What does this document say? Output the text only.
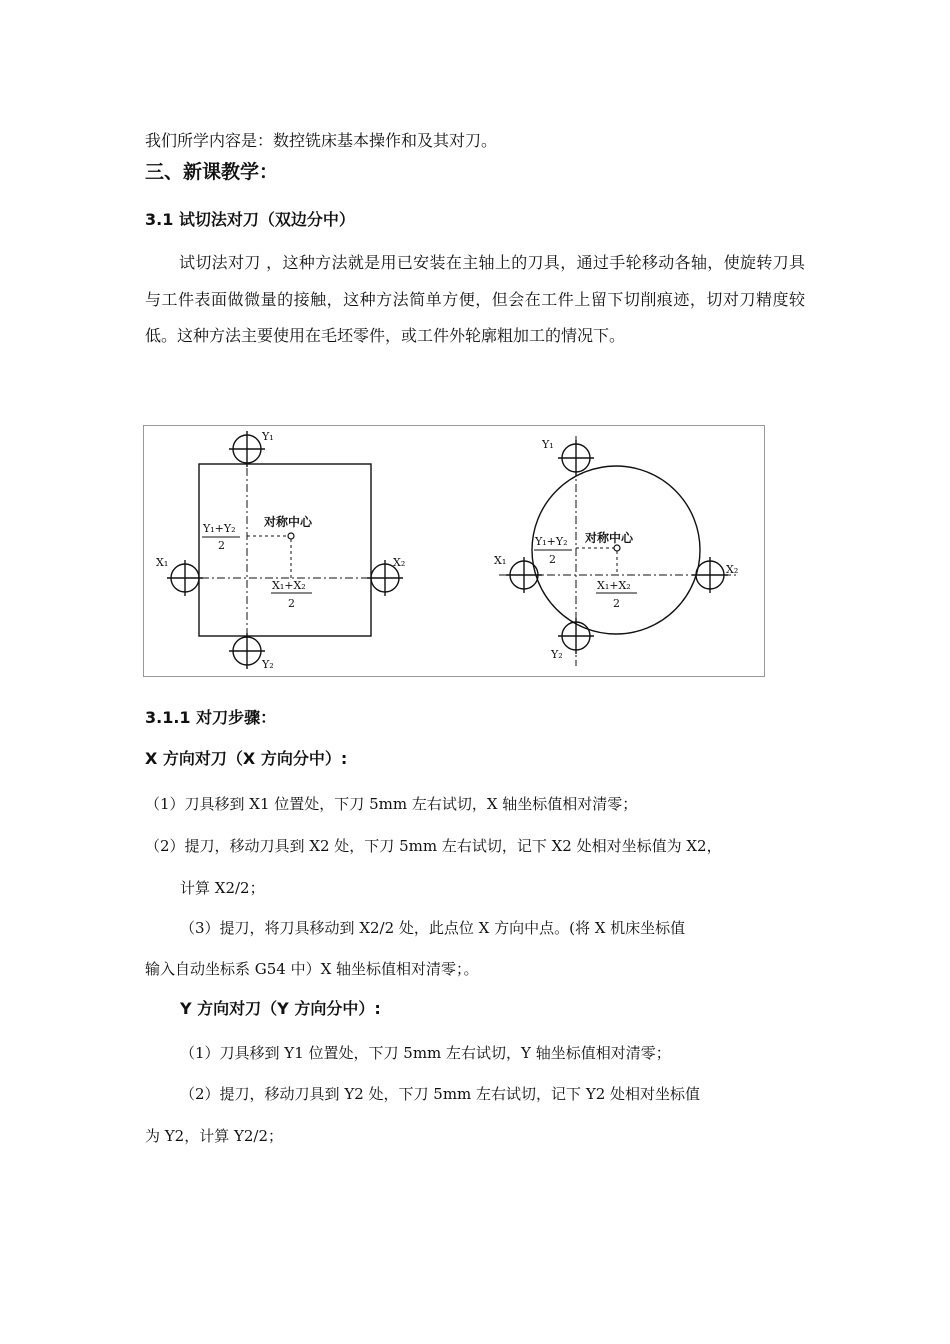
我们所学内容是：数控铣床基本操作和及其对刀。
三、新课教学：
3.1 试切法对刀（双边分中）
试切法对刀 ，这种方法就是用已安装在主轴上的刀具，通过手轮移动各轴，使旋转刀具与工件表面做微量的接触，这种方法简单方便，但会在工件上留下切削痕迹，切对刀精度较低。这种方法主要使用在毛坯零件，或工件外轮廓粗加工的情况下。
Y₁
Y₂
X₁	X₂
对称中心
Y₁+Y₂
2
X₁+X₂
2
Y₁
Y₂
X₁
X₂
对称中心
Y₁+Y₂
2
X₁+X₂
2
3.1.1 对刀步骤：
X 方向对刀（X 方向分中）:
（1）刀具移到 X1 位置处，下刀 5mm 左右试切，X 轴坐标值相对清零；
（2）提刀，移动刀具到 X2 处，下刀 5mm 左右试切，记下 X2 处相对坐标值为 X2，
计算 X2/2；
（3）提刀，将刀具移动到 X2/2 处，此点位 X 方向中点。(将 X 机床坐标值
输入自动坐标系 G54 中）X 轴坐标值相对清零；。
Y 方向对刀（Y 方向分中）:
（1）刀具移到 Y1 位置处，下刀 5mm 左右试切，Y 轴坐标值相对清零；
（2）提刀，移动刀具到 Y2 处，下刀 5mm 左右试切，记下 Y2 处相对坐标值
为 Y2，计算 Y2/2；
